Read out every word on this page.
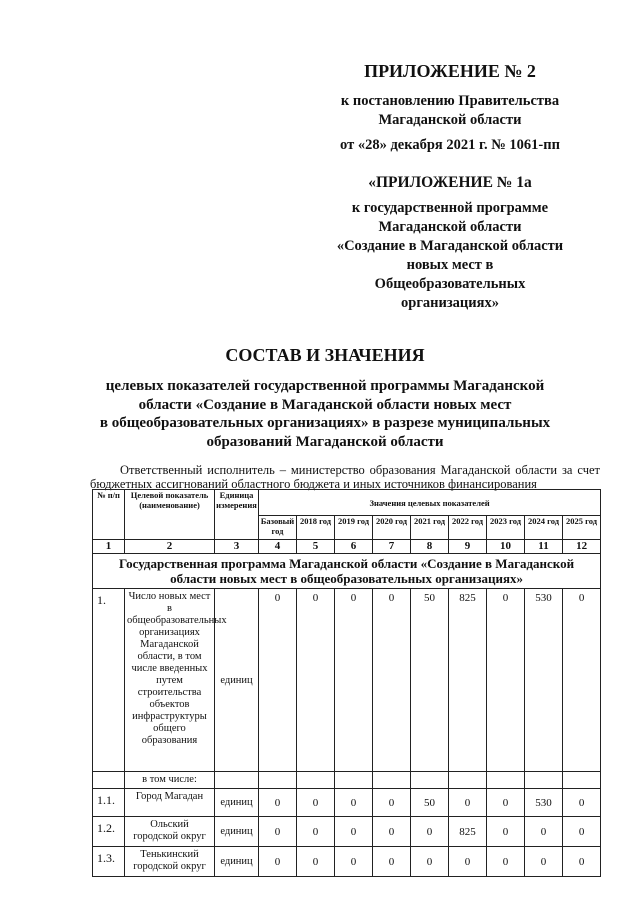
ПРИЛОЖЕНИЕ № 2
к постановлению Правительства
Магаданской области
от «28» декабря 2021 г. № 1061-пп
«ПРИЛОЖЕНИЕ № 1а
к государственной программе
Магаданской области
«Создание в Магаданской области
новых мест в
Общеобразовательных
организациях»
СОСТАВ И ЗНАЧЕНИЯ
целевых показателей государственной программы Магаданской
области «Создание в Магаданской области новых мест
в общеобразовательных организациях» в разрезе муниципальных
образований Магаданской области
Ответственный исполнитель – министерство образования Магаданской области за счет бюджетных ассигнований областного бюджета и иных источников финансирования
№ п/п	Целевой показатель (наименование)	Единица измерения	Значения целевых показателей								
			Базовый год	2018 год	2019 год	2020 год	2021 год	2022 год	2023 год	2024 год	2025 год
1	2	3	4	5	6	7	8	9	10	11	12
Государственная программа Магаданской области «Создание в Магаданской области новых мест в общеобразовательных организациях»											
1.	Число новых мест в общеобразовательных организациях Магаданской области, в том числе введенных путем строительства объектов инфраструктуры общего образования	единиц	0	0	0	0	50	825	0	530	0
	в том числе:										
1.1.	Город Магадан	единиц	0	0	0	0	50	0	0	530	0
1.2.	Ольский городской округ	единиц	0	0	0	0	0	825	0	0	0
1.3.	Тенькинский городской округ	единиц	0	0	0	0	0	0	0	0	0
